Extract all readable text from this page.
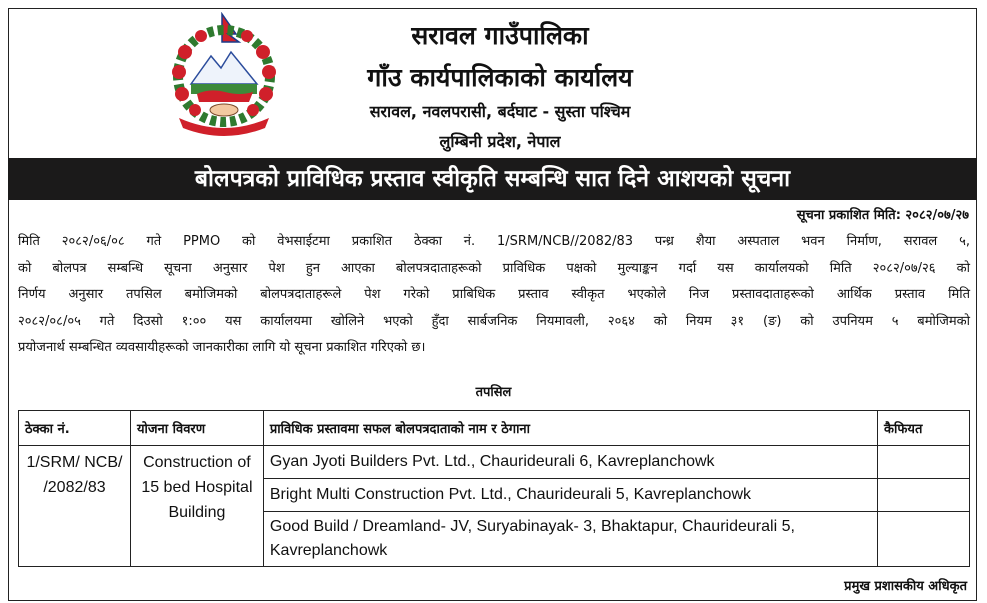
सरावल गाउँपालिका
गाँउ कार्यपालिकाको कार्यालय
सरावल, नवलपरासी, बर्दघाट - सुस्ता पश्चिम
लुम्बिनी प्रदेश, नेपाल
बोलपत्रको प्राविधिक प्रस्ताव स्वीकृति सम्बन्धि सात दिने आशयको सूचना
सूचना प्रकाशित मिति: २०८२/०७/२७
मिति २०८२/०६/०८ गते PPMO को वेभसाईटमा प्रकाशित ठेक्का नं. 1/SRM/NCB//2082/83 पन्ध्र शैया अस्पताल भवन निर्माण, सरावल ५,
को बोलपत्र सम्बन्धि सूचना अनुसार पेश हुन आएका बोलपत्रदाताहरूको प्राविधिक पक्षको मुल्याङ्कन गर्दा यस कार्यालयको मिति २०८२/०७/२६ को
निर्णय अनुसार तपसिल बमोजिमको बोलपत्रदाताहरूले पेश गरेको प्राबिधिक प्रस्ताव स्वीकृत भएकोले निज प्रस्तावदाताहरूको आर्थिक प्रस्ताव मिति
२०८२/०८/०५ गते दिउसो १:०० यस कार्यालयमा खोलिने भएको हुँदा सार्बजनिक नियमावली, २०६४ को नियम ३१ (ङ) को उपनियम ५ बमोजिमको
प्रयोजनार्थ सम्बन्धित व्यवसायीहरूको जानकारीका लागि यो सूचना प्रकाशित गरिएको छ।
तपसिल
ठेक्का नं.	योजना विवरण	प्राविधिक प्रस्तावमा सफल बोलपत्रदाताको नाम र ठेगाना	कैफियत
1/SRM/ NCB/ /2082/83	Construction of 15 bed Hospital Building	Gyan Jyoti Builders Pvt. Ltd., Chaurideurali 6, Kavreplanchowk	
		Bright Multi Construction Pvt. Ltd., Chaurideurali 5, Kavreplanchowk	
		Good Build / Dreamland- JV, Suryabinayak- 3, Bhaktapur, Chaurideurali 5, Kavreplanchowk	
प्रमुख प्रशासकीय अधिकृत
